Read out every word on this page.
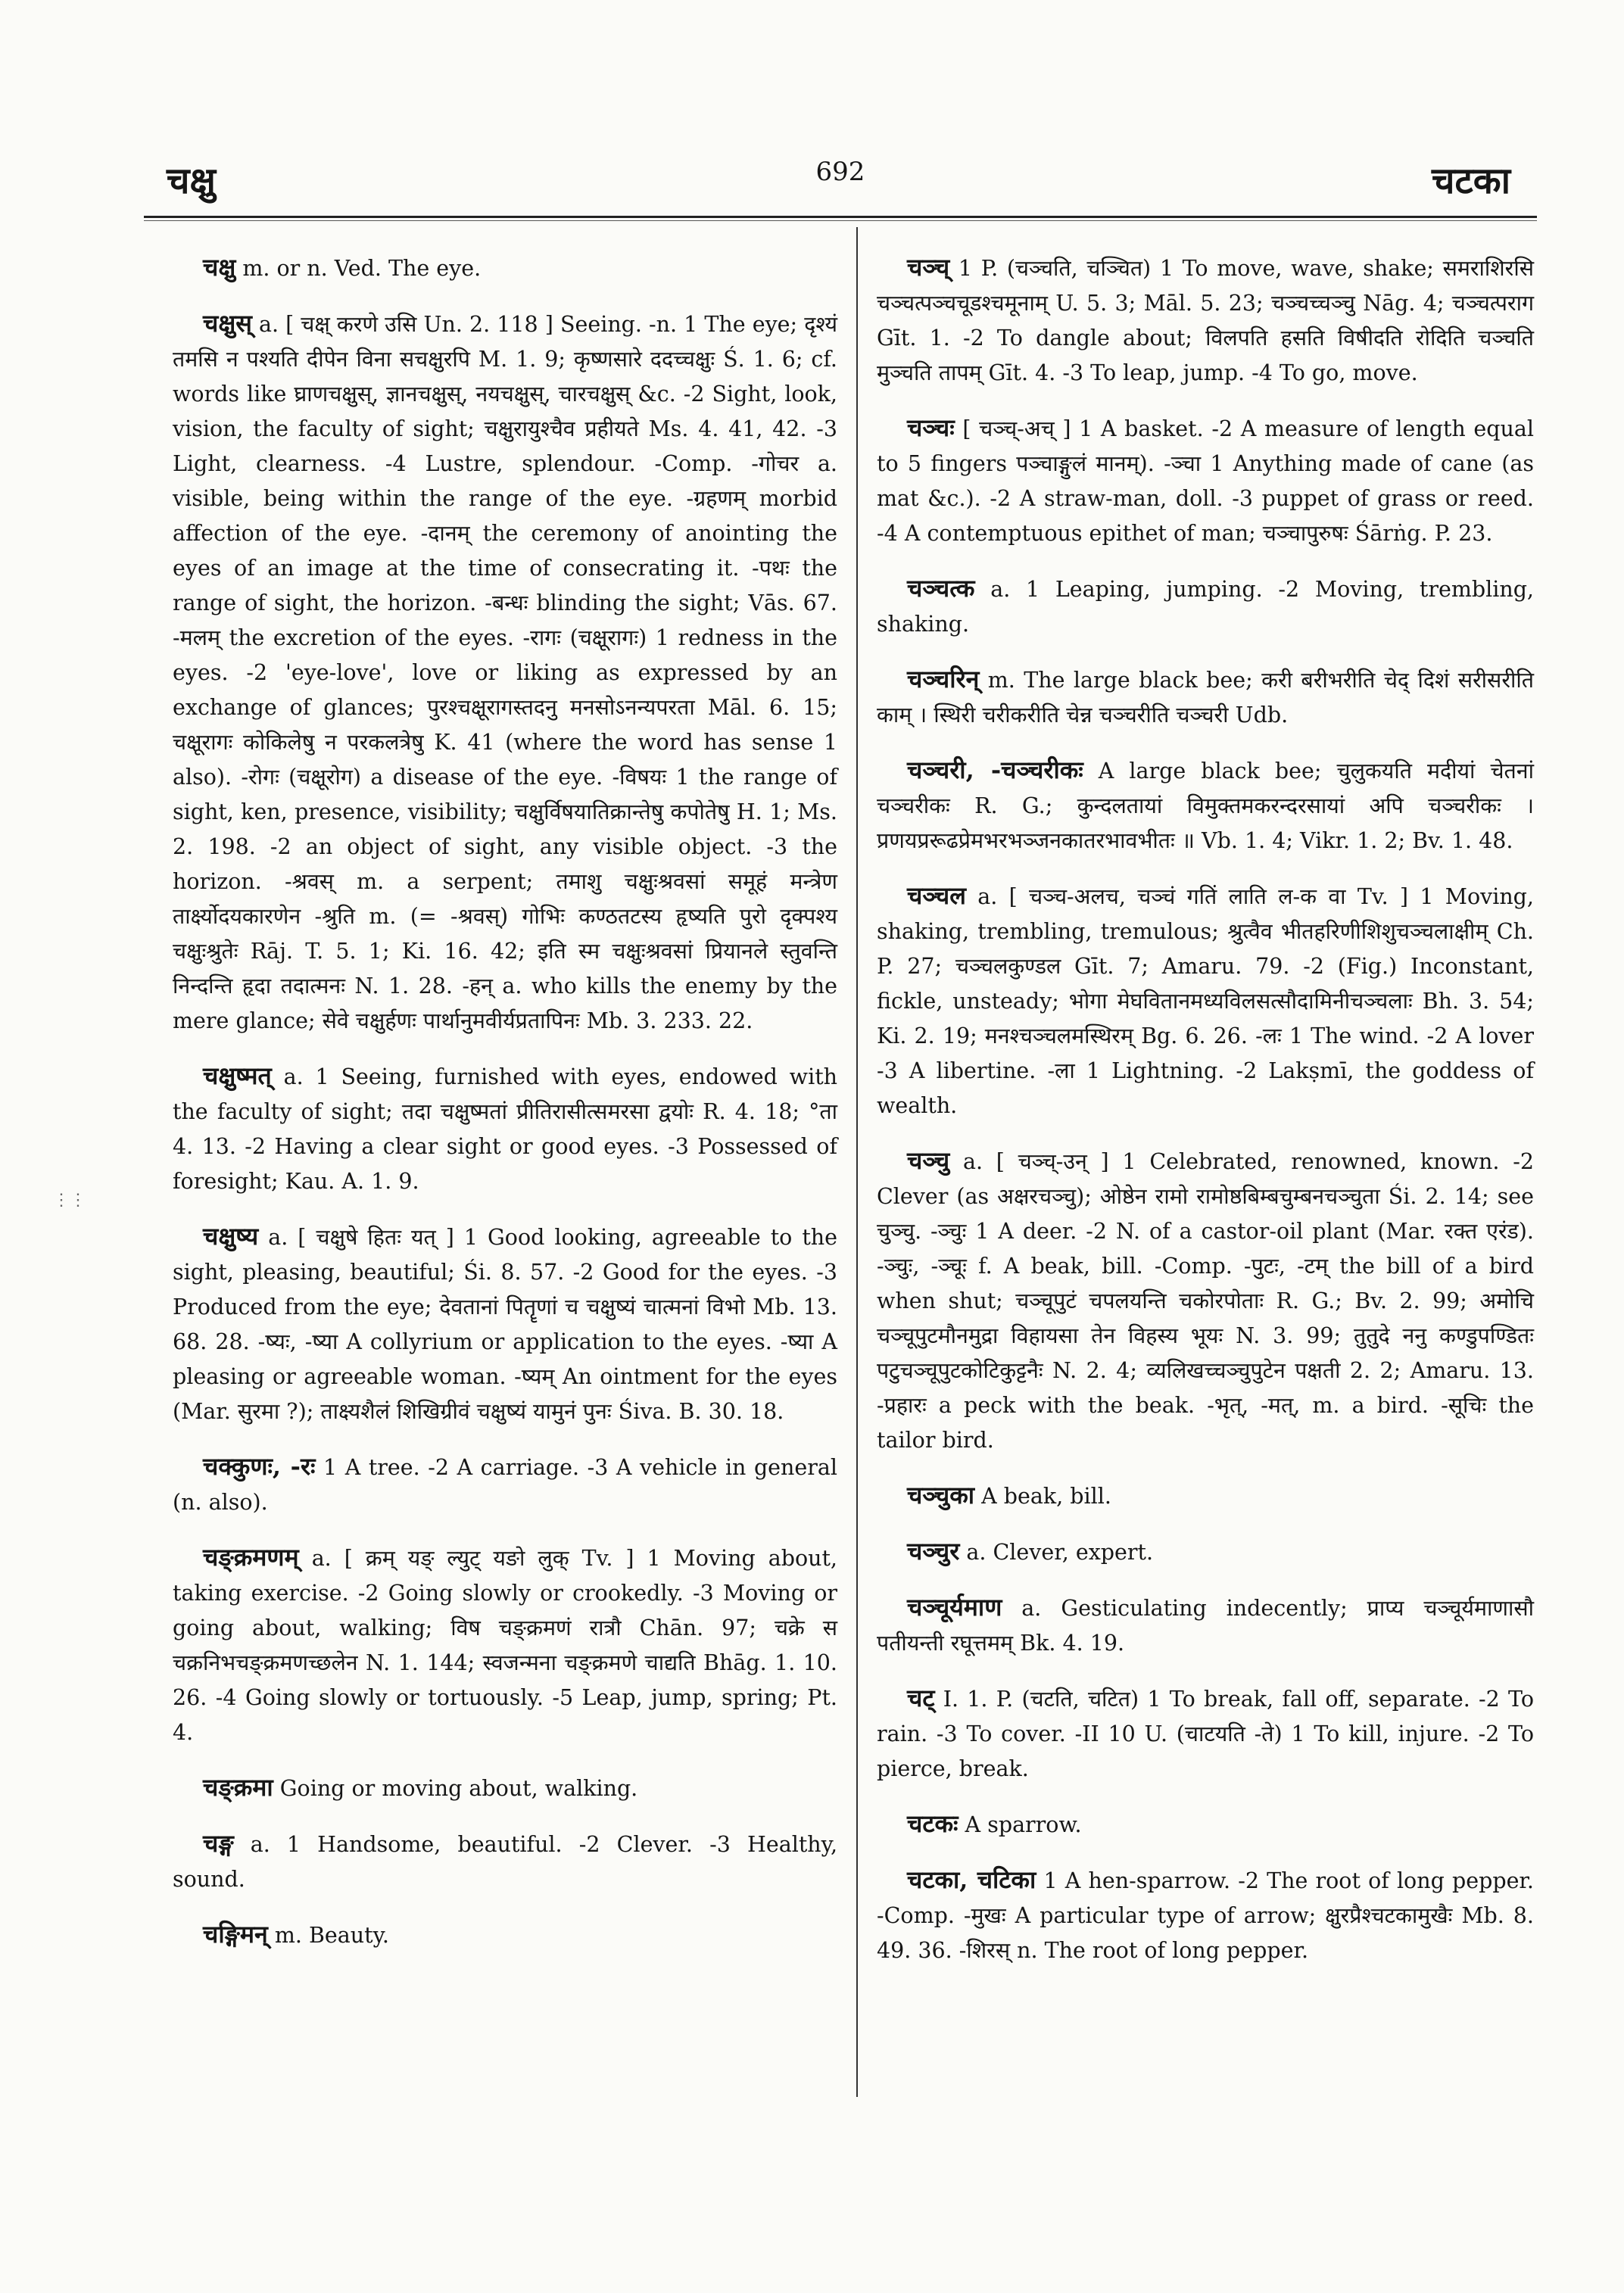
चक्षु	692	चटका
⋮⋮

चक्षु m. or n. Ved. The eye.

चक्षुस् a. [ चक्ष् करणे उसि Un. 2. 118 ] Seeing. -n. 1 The eye; दृश्यं तमसि न पश्यति दीपेन विना सचक्षुरपि M. 1. 9; कृष्णसारे ददच्चक्षुः Ś. 1. 6; cf. words like घ्राणचक्षुस्, ज्ञानचक्षुस्, नयचक्षुस्, चारचक्षुस् &c. -2 Sight, look, vision, the faculty of sight; चक्षुरायुश्चैव प्रहीयते Ms. 4. 41, 42. -3 Light, clearness. -4 Lustre, splendour. -Comp. -गोचर a. visible, being within the range of the eye. -ग्रहणम् morbid affection of the eye. -दानम् the ceremony of anointing the eyes of an image at the time of consecrating it. -पथः the range of sight, the horizon. -बन्धः blinding the sight; Vās. 67. -मलम् the excretion of the eyes. -रागः (चक्षूरागः) 1 redness in the eyes. -2 'eye-love', love or liking as expressed by an exchange of glances; पुरश्चक्षूरागस्तदनु मनसोऽनन्यपरता Māl. 6. 15; चक्षूरागः कोकिलेषु न परकलत्रेषु K. 41 (where the word has sense 1 also). -रोगः (चक्षूरोग) a disease of the eye. -विषयः 1 the range of sight, ken, presence, visibility; चक्षुर्विषयातिक्रान्तेषु कपोतेषु H. 1; Ms. 2. 198. -2 an object of sight, any visible object. -3 the horizon. -श्रवस् m. a serpent; तमाशु चक्षुःश्रवसां समूहं मन्त्रेण तार्क्ष्योदयकारणेन -श्रुति m. (= -श्रवस्) गोभिः कण्ठतटस्य हृष्यति पुरो दृक्पश्य चक्षुःश्रुतेः Rāj. T. 5. 1; Ki. 16. 42; इति स्म चक्षुःश्रवसां प्रियानले स्तुवन्ति निन्दन्ति हृदा तदात्मनः N. 1. 28. -हन् a. who kills the enemy by the mere glance; सेवे चक्षुर्हणः पार्थानुमवीर्यप्रतापिनः Mb. 3. 233. 22.

चक्षुष्मत् a. 1 Seeing, furnished with eyes, endowed with the faculty of sight; तदा चक्षुष्मतां प्रीतिरासीत्समरसा द्वयोः R. 4. 18; °ता 4. 13. -2 Having a clear sight or good eyes. -3 Possessed of foresight; Kau. A. 1. 9.

चक्षुष्य a. [ चक्षुषे हितः यत् ] 1 Good looking, agreeable to the sight, pleasing, beautiful; Śi. 8. 57. -2 Good for the eyes. -3 Produced from the eye; देवतानां पितॄणां च चक्षुष्यं चात्मनां विभो Mb. 13. 68. 28. -ष्यः, -ष्या A collyrium or application to the eyes. -ष्या A pleasing or agreeable woman. -ष्यम् An ointment for the eyes (Mar. सुरमा ?); ताक्ष्यशैलं शिखिग्रीवं चक्षुष्यं यामुनं पुनः Śiva. B. 30. 18.

चक्कुणः, -रः 1 A tree. -2 A carriage. -3 A vehicle in general (n. also).

चङ्क्रमणम् a. [ क्रम् यङ् ल्युट् यङो लुक् Tv. ] 1 Moving about, taking exercise. -2 Going slowly or crookedly. -3 Moving or going about, walking; विष चङ्क्रमणं रात्रौ Chān. 97; चक्रे स चक्रनिभचङ्क्रमणच्छलेन N. 1. 144; स्वजन्मना चङ्क्रमणे चाद्यति Bhāg. 1. 10. 26. -4 Going slowly or tortuously. -5 Leap, jump, spring; Pt. 4.

चङ्क्रमा Going or moving about, walking.

चङ्ग a. 1 Handsome, beautiful. -2 Clever. -3 Healthy, sound.

चङ्गिमन् m. Beauty.

चञ्च् 1 P. (चञ्चति, चञ्चित) 1 To move, wave, shake; समराशिरसि चञ्चत्पञ्चचूडश्चमूनाम् U. 5. 3; Māl. 5. 23; चञ्चच्चञ्चु Nāg. 4; चञ्चत्पराग Gīt. 1. -2 To dangle about; विलपति हसति विषीदति रोदिति चञ्चति मुञ्चति तापम् Gīt. 4. -3 To leap, jump. -4 To go, move.

चञ्चः [ चञ्च्-अच् ] 1 A basket. -2 A measure of length equal to 5 fingers पञ्चाङ्गुलं मानम्). -ञ्चा 1 Anything made of cane (as mat &c.). -2 A straw-man, doll. -3 puppet of grass or reed. -4 A contemptuous epithet of man; चञ्चापुरुषः Śārṅg. P. 23.

चञ्चत्क a. 1 Leaping, jumping. -2 Moving, trembling, shaking.

चञ्चरिन् m. The large black bee; करी बरीभरीति चेद् दिशं सरीसरीति काम् । स्थिरी चरीकरीति चेन्न चञ्चरीति चञ्चरी Udb.

चञ्चरी, -चञ्चरीकः A large black bee; चुलुकयति मदीयां चेतनां चञ्चरीकः R. G.; कुन्दलतायां विमुक्तमकरन्दरसायां अपि चञ्चरीकः । प्रणयप्ररूढप्रेमभरभञ्जनकातरभावभीतः ॥ Vb. 1. 4; Vikr. 1. 2; Bv. 1. 48.

चञ्चल a. [ चञ्च-अलच, चञ्चं गतिं लाति ल-क वा Tv. ] 1 Moving, shaking, trembling, tremulous; श्रुत्वैव भीतहरिणीशिशुचञ्चलाक्षीम् Ch. P. 27; चञ्चलकुण्डल Gīt. 7; Amaru. 79. -2 (Fig.) Inconstant, fickle, unsteady; भोगा मेघवितानमध्यविलसत्सौदामिनीचञ्चलाः Bh. 3. 54; Ki. 2. 19; मनश्चञ्चलमस्थिरम् Bg. 6. 26. -लः 1 The wind. -2 A lover -3 A libertine. -ला 1 Lightning. -2 Lakṣmī, the goddess of wealth.

चञ्चु a. [ चञ्च्-उन् ] 1 Celebrated, renowned, known. -2 Clever (as अक्षरचञ्चु); ओष्ठेन रामो रामोष्ठबिम्बचुम्बनचञ्चुता Śi. 2. 14; see चुञ्चु. -ञ्चुः 1 A deer. -2 N. of a castor-oil plant (Mar. रक्त एरंड). -ञ्चुः, -ञ्चूः f. A beak, bill. -Comp. -पुटः, -टम् the bill of a bird when shut; चञ्चूपुटं चपलयन्ति चकोरपोताः R. G.; Bv. 2. 99; अमोचि चञ्चूपुटमौनमुद्रा विहायसा तेन विहस्य भूयः N. 3. 99; तुतुदे ननु कण्डुपण्डितः पटुचञ्चूपुटकोटिकुट्टनैः N. 2. 4; व्यलिखच्चञ्चुपुटेन पक्षती 2. 2; Amaru. 13. -प्रहारः a peck with the beak. -भृत्, -मत्, m. a bird. -सूचिः the tailor bird.

चञ्चुका A beak, bill.

चञ्चुर a. Clever, expert.

चञ्चूर्यमाण a. Gesticulating indecently; प्राप्य चञ्चूर्यमाणासौ पतीयन्ती रघूत्तमम् Bk. 4. 19.

चट् I. 1. P. (चटति, चटित) 1 To break, fall off, separate. -2 To rain. -3 To cover. -II 10 U. (चाटयति -ते) 1 To kill, injure. -2 To pierce, break.

चटकः A sparrow.

चटका, चटिका 1 A hen-sparrow. -2 The root of long pepper. -Comp. -मुखः A particular type of arrow; क्षुरप्रैश्चटकामुखैः Mb. 8. 49. 36. -शिरस् n. The root of long pepper.
